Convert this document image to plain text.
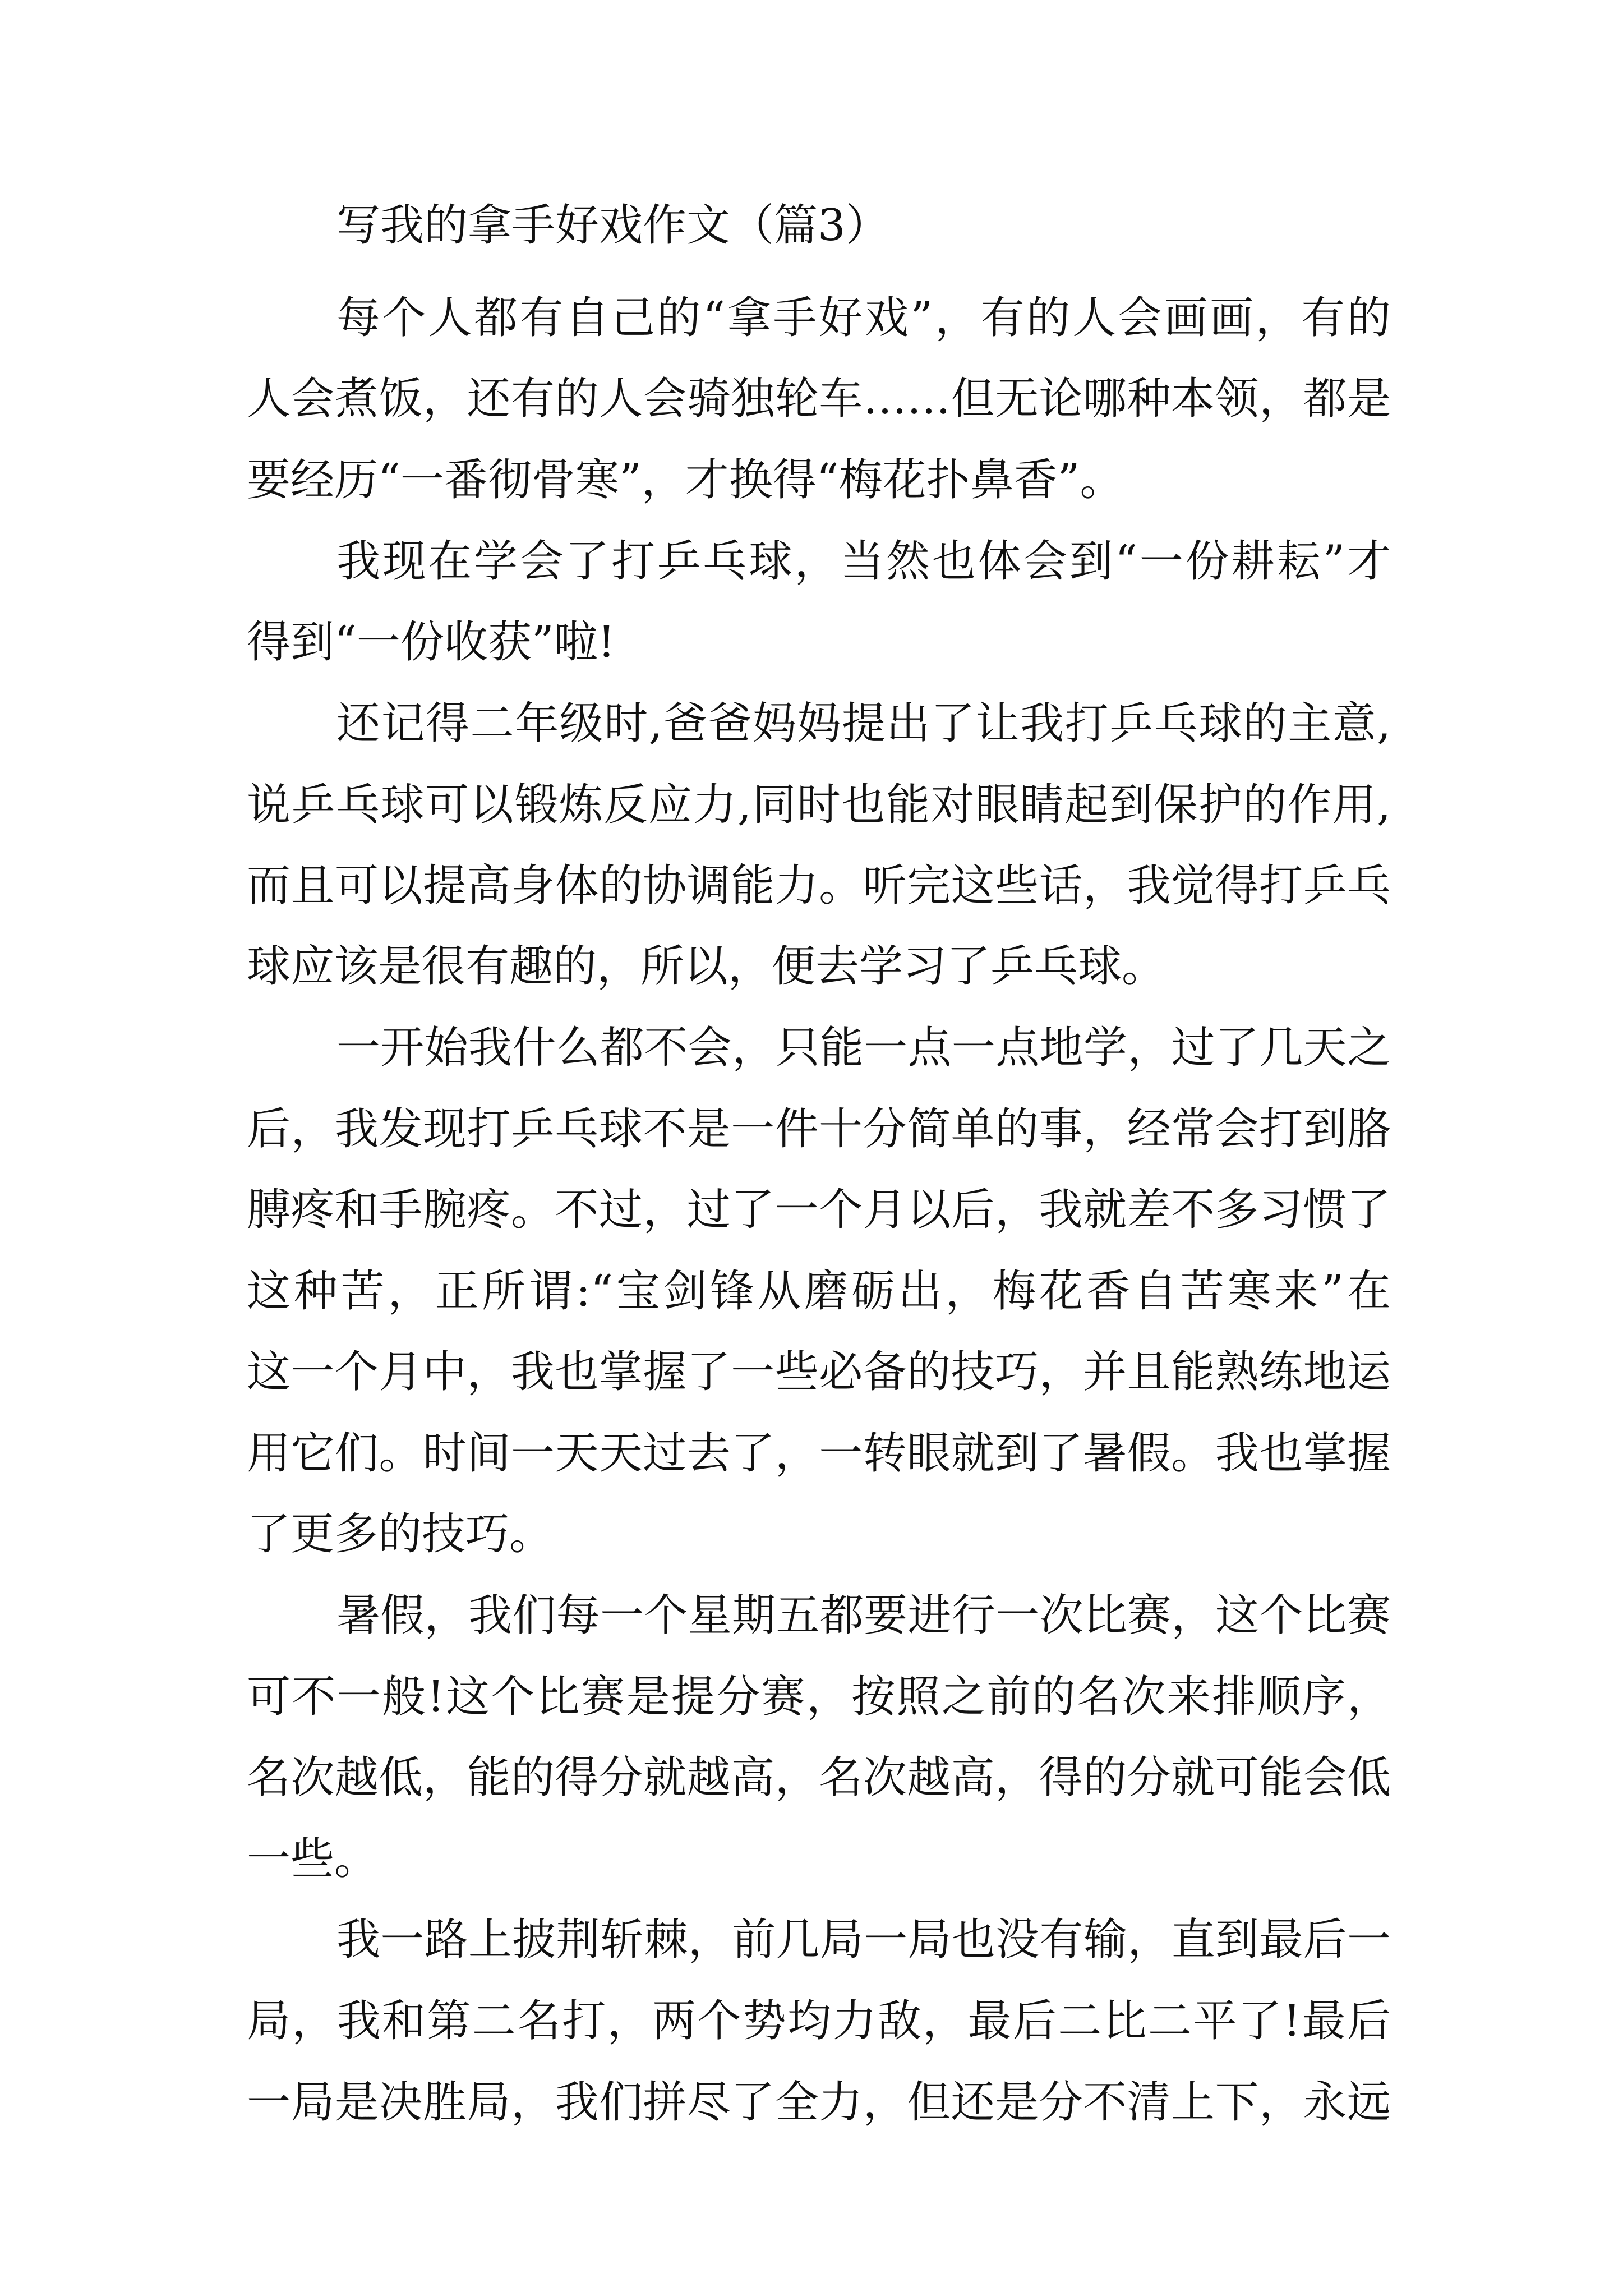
写我的拿手好戏作文（篇3）
每个人都有自己的“拿手好戏”，有的人会画画，有的
人会煮饭，还有的人会骑独轮车……但无论哪种本领，都是
要经历“一番彻骨寒”，才换得“梅花扑鼻香”。
我现在学会了打乒乓球，当然也体会到“一份耕耘”才
得到“一份收获”啦!
还记得二年级时,爸爸妈妈提出了让我打乒乓球的主意,
说乒乓球可以锻炼反应力,同时也能对眼睛起到保护的作用,
而且可以提高身体的协调能力。听完这些话，我觉得打乒乓
球应该是很有趣的，所以，便去学习了乒乓球。
一开始我什么都不会，只能一点一点地学，过了几天之
后，我发现打乒乓球不是一件十分简单的事，经常会打到胳
膊疼和手腕疼。不过，过了一个月以后，我就差不多习惯了
这种苦，正所谓:“宝剑锋从磨砺出，梅花香自苦寒来”在
这一个月中，我也掌握了一些必备的技巧，并且能熟练地运
用它们。时间一天天过去了，一转眼就到了暑假。我也掌握
了更多的技巧。
暑假，我们每一个星期五都要进行一次比赛，这个比赛
可不一般!这个比赛是提分赛，按照之前的名次来排顺序，
名次越低，能的得分就越高，名次越高，得的分就可能会低
一些。
我一路上披荆斩棘，前几局一局也没有输，直到最后一
局，我和第二名打，两个势均力敌，最后二比二平了!最后
一局是决胜局，我们拼尽了全力，但还是分不清上下，永远
